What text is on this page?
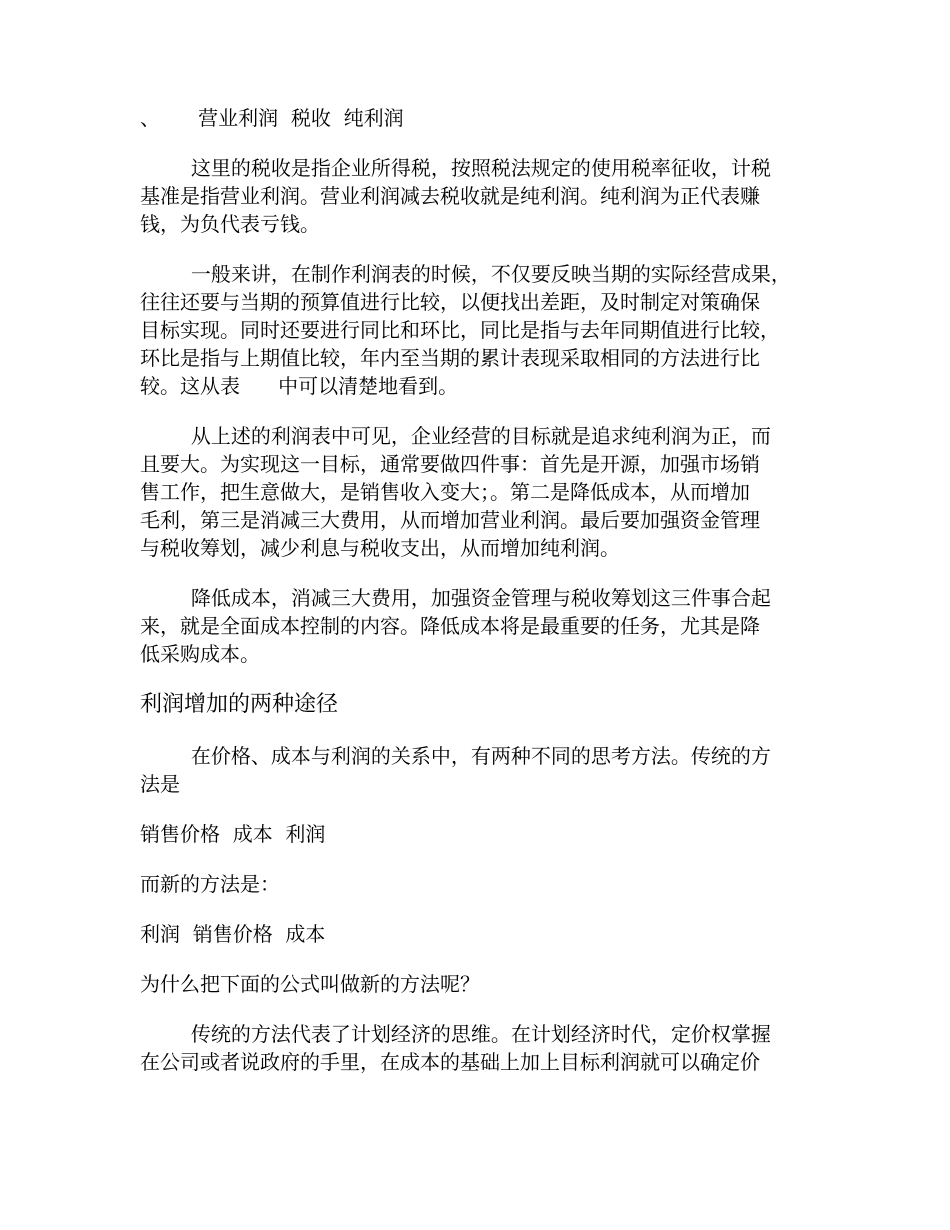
、      营业利润  税收  纯利润
这里的税收是指企业所得税，按照税法规定的使用税率征收，计税
基准是指营业利润。营业利润减去税收就是纯利润。纯利润为正代表赚
钱，为负代表亏钱。
一般来讲，在制作利润表的时候，不仅要反映当期的实际经营成果，
往往还要与当期的预算值进行比较，以便找出差距，及时制定对策确保
目标实现。同时还要进行同比和环比，同比是指与去年同期值进行比较，
环比是指与上期值比较，年内至当期的累计表现采取相同的方法进行比
较。这从表      中可以清楚地看到。
从上述的利润表中可见，企业经营的目标就是追求纯利润为正，而
且要大。为实现这一目标，通常要做四件事：首先是开源，加强市场销
售工作，把生意做大，是销售收入变大；。第二是降低成本，从而增加
毛利，第三是消减三大费用，从而增加营业利润。最后要加强资金管理
与税收筹划，减少利息与税收支出，从而增加纯利润。
降低成本，消减三大费用，加强资金管理与税收筹划这三件事合起
来，就是全面成本控制的内容。降低成本将是最重要的任务，尤其是降
低采购成本。
利润增加的两种途径
在价格、成本与利润的关系中，有两种不同的思考方法。传统的方
法是
销售价格  成本  利润
而新的方法是：
利润  销售价格  成本
为什么把下面的公式叫做新的方法呢？
传统的方法代表了计划经济的思维。在计划经济时代，定价权掌握
在公司或者说政府的手里，在成本的基础上加上目标利润就可以确定价
